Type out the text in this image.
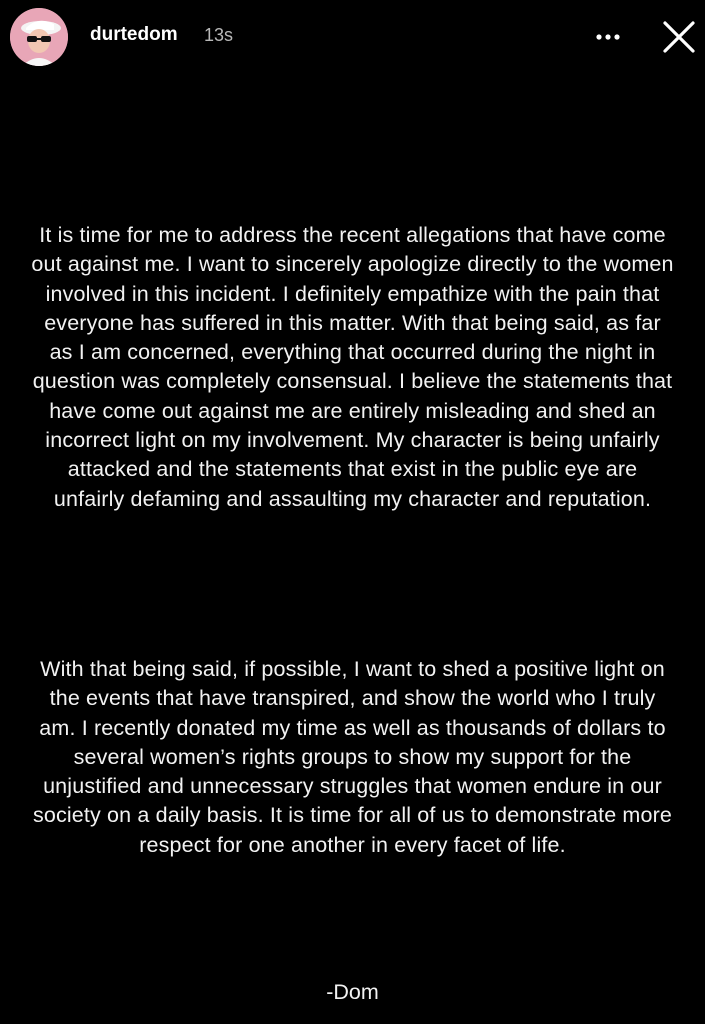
durtedom 13s

It is time for me to address the recent allegations that have come out against me. I want to sincerely apologize directly to the women involved in this incident. I definitely empathize with the pain that everyone has suffered in this matter. With that being said, as far as I am concerned, everything that occurred during the night in question was completely consensual. I believe the statements that have come out against me are entirely misleading and shed an incorrect light on my involvement. My character is being unfairly attacked and the statements that exist in the public eye are unfairly defaming and assaulting my character and reputation.

With that being said, if possible, I want to shed a positive light on the events that have transpired, and show the world who I truly am. I recently donated my time as well as thousands of dollars to several women’s rights groups to show my support for the unjustified and unnecessary struggles that women endure in our society on a daily basis. It is time for all of us to demonstrate more respect for one another in every facet of life.

-Dom
